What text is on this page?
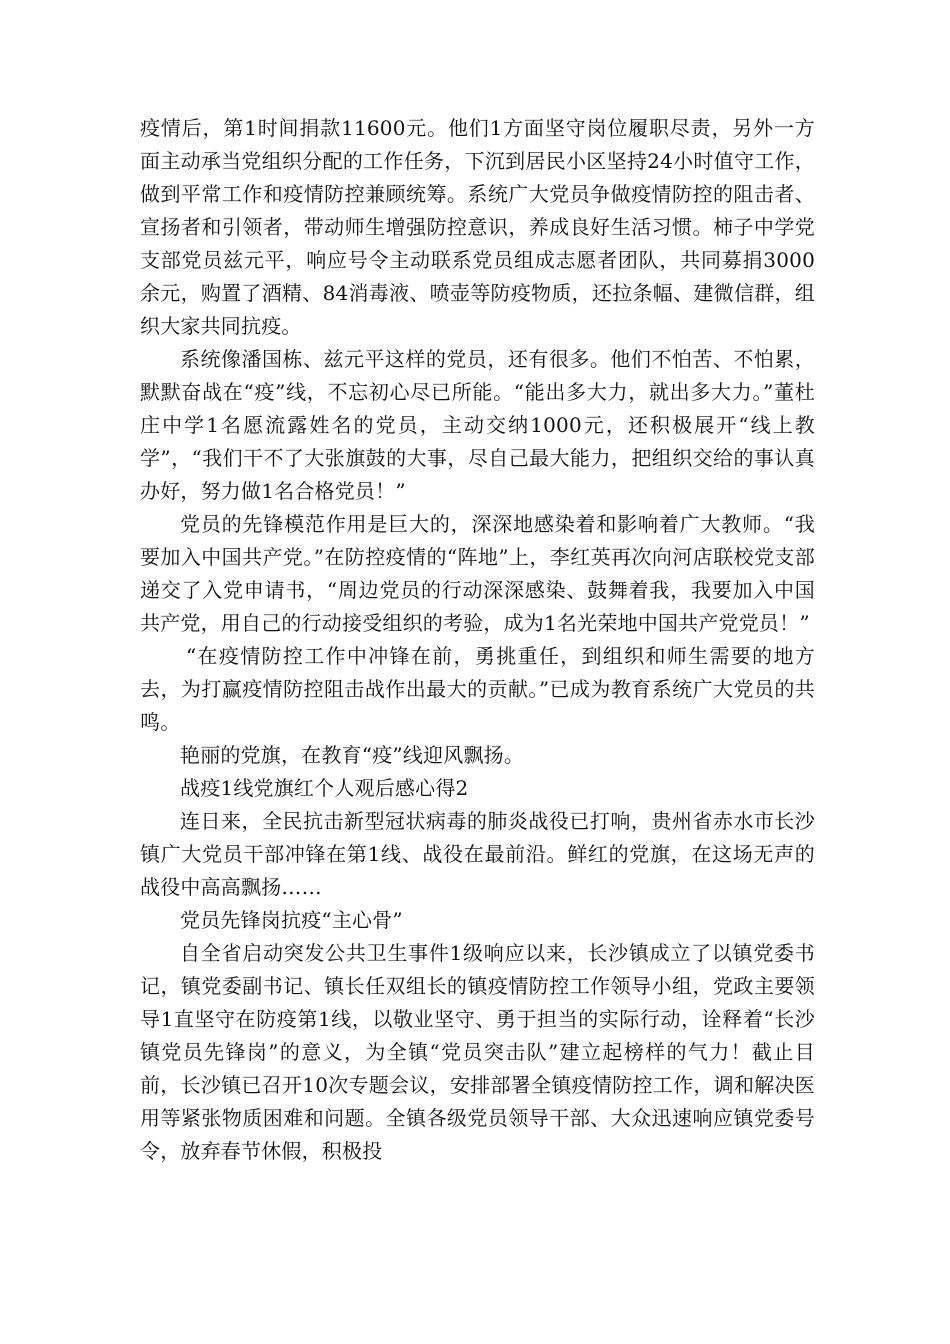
疫情后，第1时间捐款11600元。他们1方面坚守岗位履职尽责，另外一方面主动承当党组织分配的工作任务，下沉到居民小区坚持24小时值守工作，做到平常工作和疫情防控兼顾统筹。系统广大党员争做疫情防控的阻击者、宣扬者和引领者，带动师生增强防控意识，养成良好生活习惯。柿子中学党支部党员兹元平，响应号令主动联系党员组成志愿者团队，共同募捐3000余元，购置了酒精、84消毒液、喷壶等防疫物质，还拉条幅、建微信群，组织大家共同抗疫。

系统像潘国栋、兹元平这样的党员，还有很多。他们不怕苦、不怕累，默默奋战在“疫”线，不忘初心尽已所能。“能出多大力，就出多大力。”董杜庄中学1名愿流露姓名的党员，主动交纳1000元，还积极展开“线上教学”，“我们干不了大张旗鼓的大事，尽自己最大能力，把组织交给的事认真办好，努力做1名合格党员！”

党员的先锋模范作用是巨大的，深深地感染着和影响着广大教师。“我要加入中国共产党。”在防控疫情的“阵地”上，李红英再次向河店联校党支部递交了入党申请书，“周边党员的行动深深感染、鼓舞着我，我要加入中国共产党，用自己的行动接受组织的考验，成为1名光荣地中国共产党党员！”

“在疫情防控工作中冲锋在前，勇挑重任，到组织和师生需要的地方去，为打赢疫情防控阻击战作出最大的贡献。”已成为教育系统广大党员的共鸣。

艳丽的党旗，在教育“疫”线迎风飘扬。

战疫1线党旗红个人观后感心得2

连日来，全民抗击新型冠状病毒的肺炎战役已打响，贵州省赤水市长沙镇广大党员干部冲锋在第1线、战役在最前沿。鲜红的党旗，在这场无声的战役中高高飘扬……

党员先锋岗抗疫“主心骨”

自全省启动突发公共卫生事件1级响应以来，长沙镇成立了以镇党委书记，镇党委副书记、镇长任双组长的镇疫情防控工作领导小组，党政主要领导1直坚守在防疫第1线，以敬业坚守、勇于担当的实际行动，诠释着“长沙镇党员先锋岗”的意义，为全镇“党员突击队”建立起榜样的气力！截止目前，长沙镇已召开10次专题会议，安排部署全镇疫情防控工作，调和解决医用等紧张物质困难和问题。全镇各级党员领导干部、大众迅速响应镇党委号令，放弃春节休假，积极投
